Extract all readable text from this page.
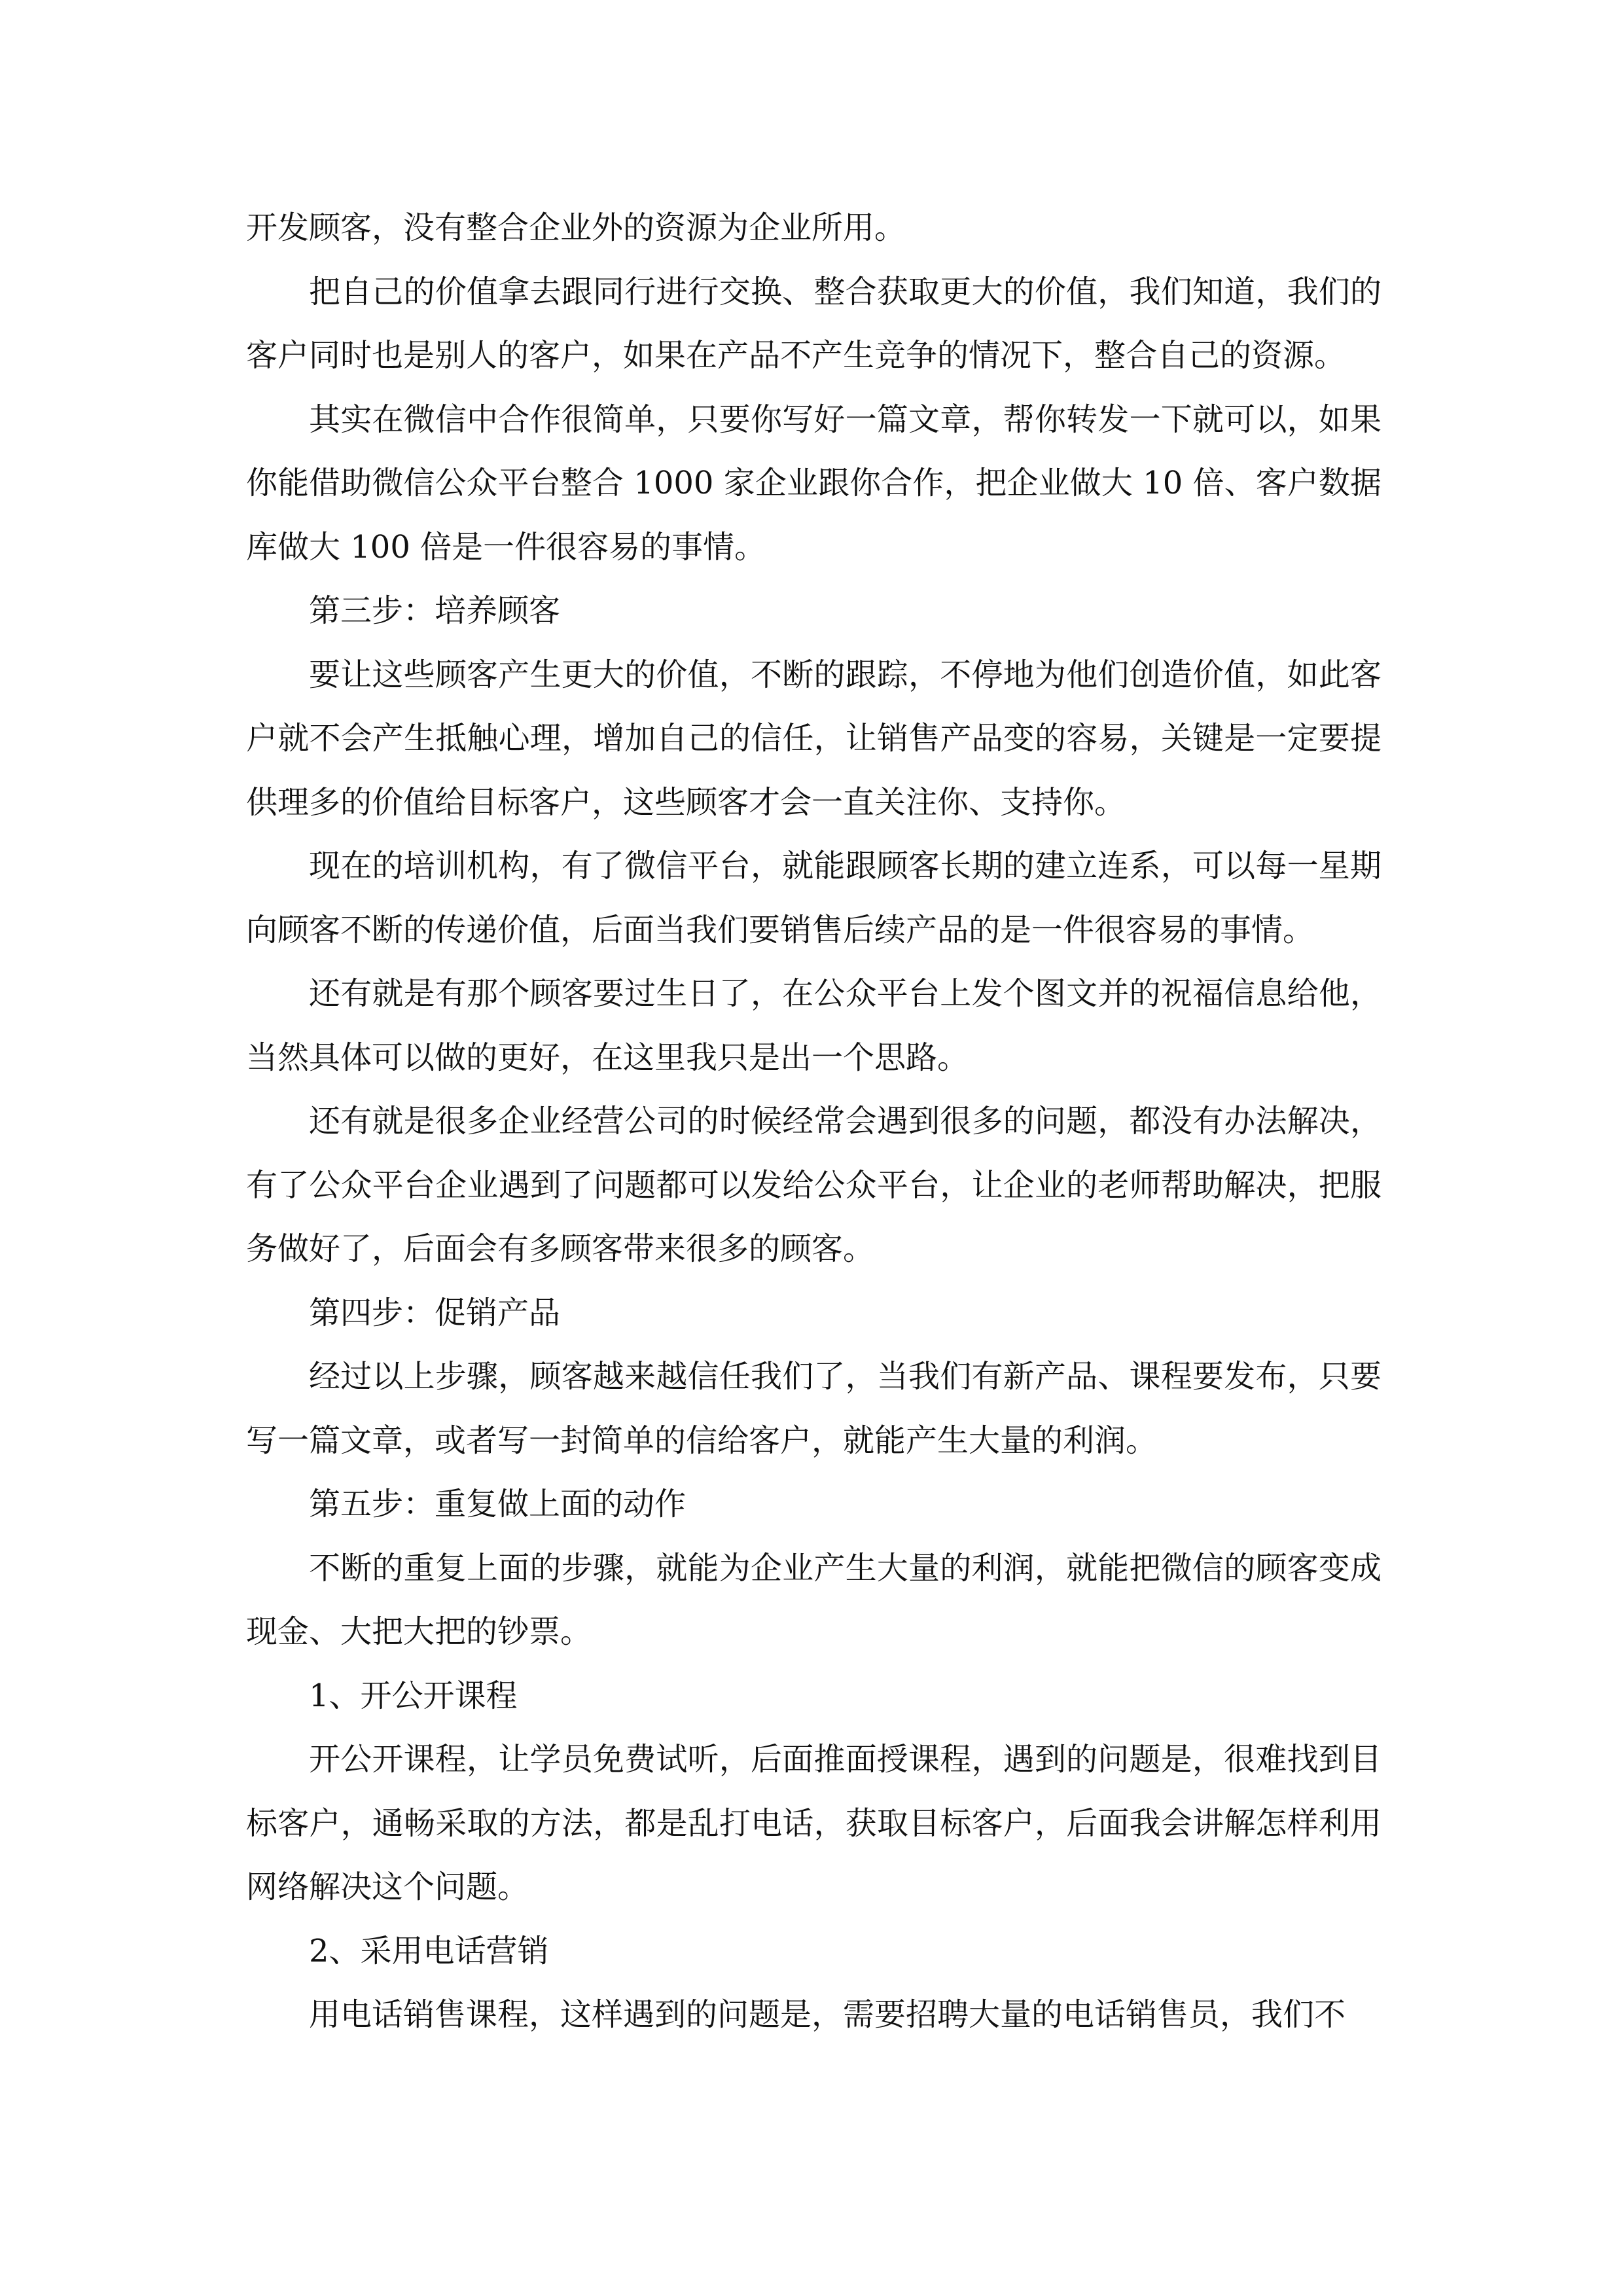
开发顾客，没有整合企业外的资源为企业所用。

把自己的价值拿去跟同行进行交换、整合获取更大的价值，我们知道，我们的客户同时也是别人的客户，如果在产品不产生竞争的情况下，整合自己的资源。

其实在微信中合作很简单，只要你写好一篇文章，帮你转发一下就可以，如果你能借助微信公众平台整合 1000 家企业跟你合作，把企业做大 10 倍、客户数据库做大 100 倍是一件很容易的事情。

第三步：培养顾客

要让这些顾客产生更大的价值，不断的跟踪，不停地为他们创造价值，如此客户就不会产生抵触心理，增加自己的信任，让销售产品变的容易，关键是一定要提供理多的价值给目标客户，这些顾客才会一直关注你、支持你。

现在的培训机构，有了微信平台，就能跟顾客长期的建立连系，可以每一星期向顾客不断的传递价值，后面当我们要销售后续产品的是一件很容易的事情。

还有就是有那个顾客要过生日了，在公众平台上发个图文并的祝福信息给他，当然具体可以做的更好，在这里我只是出一个思路。

还有就是很多企业经营公司的时候经常会遇到很多的问题，都没有办法解决，有了公众平台企业遇到了问题都可以发给公众平台，让企业的老师帮助解决，把服务做好了，后面会有多顾客带来很多的顾客。

第四步：促销产品

经过以上步骤，顾客越来越信任我们了，当我们有新产品、课程要发布，只要写一篇文章，或者写一封简单的信给客户，就能产生大量的利润。

第五步：重复做上面的动作

不断的重复上面的步骤，就能为企业产生大量的利润，就能把微信的顾客变成现金、大把大把的钞票。

1、开公开课程

开公开课程，让学员免费试听，后面推面授课程，遇到的问题是，很难找到目标客户，通畅采取的方法，都是乱打电话，获取目标客户，后面我会讲解怎样利用网络解决这个问题。

2、采用电话营销

用电话销售课程，这样遇到的问题是，需要招聘大量的电话销售员，我们不
